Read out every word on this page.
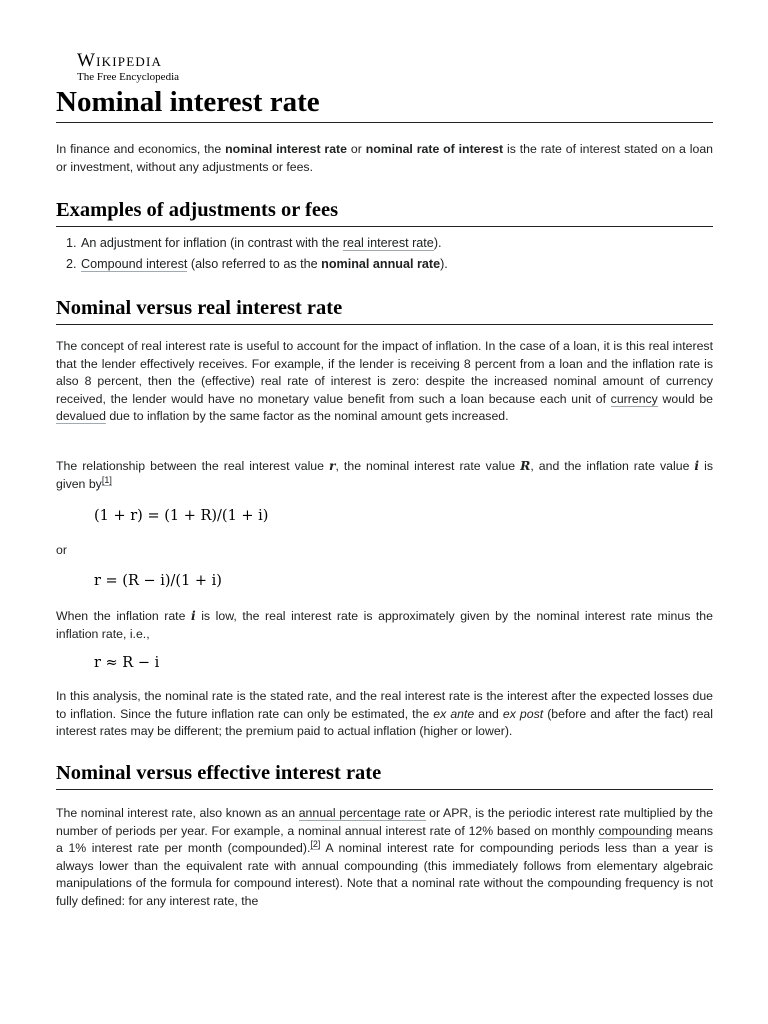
Wikipedia
The Free Encyclopedia
Nominal interest rate

In finance and economics, the nominal interest rate or nominal rate of interest is the rate of interest stated on a loan or investment, without any adjustments or fees.

Examples of adjustments or fees
1. An adjustment for inflation (in contrast with the real interest rate).
2. Compound interest (also referred to as the nominal annual rate).
Nominal versus real interest rate

The concept of real interest rate is useful to account for the impact of inflation. In the case of a loan, it is this real interest that the lender effectively receives. For example, if the lender is receiving 8 percent from a loan and the inflation rate is also 8 percent, then the (effective) real rate of interest is zero: despite the increased nominal amount of currency received, the lender would have no monetary value benefit from such a loan because each unit of currency would be devalued due to inflation by the same factor as the nominal amount gets increased.

The relationship between the real interest value r, the nominal interest rate value R, and the inflation rate value i is given by[1]

(1 + r) = (1 + R)/(1 + i)
or
r = (R − i)/(1 + i)

When the inflation rate i is low, the real interest rate is approximately given by the nominal interest rate minus the inflation rate, i.e.,

r ≈ R − i

In this analysis, the nominal rate is the stated rate, and the real interest rate is the interest after the expected losses due to inflation. Since the future inflation rate can only be estimated, the ex ante and ex post (before and after the fact) real interest rates may be different; the premium paid to actual inflation (higher or lower).

Nominal versus effective interest rate

The nominal interest rate, also known as an annual percentage rate or APR, is the periodic interest rate multiplied by the number of periods per year. For example, a nominal annual interest rate of 12% based on monthly compounding means a 1% interest rate per month (compounded).[2] A nominal interest rate for compounding periods less than a year is always lower than the equivalent rate with annual compounding (this immediately follows from elementary algebraic manipulations of the formula for compound interest). Note that a nominal rate without the compounding frequency is not fully defined: for any interest rate, the
